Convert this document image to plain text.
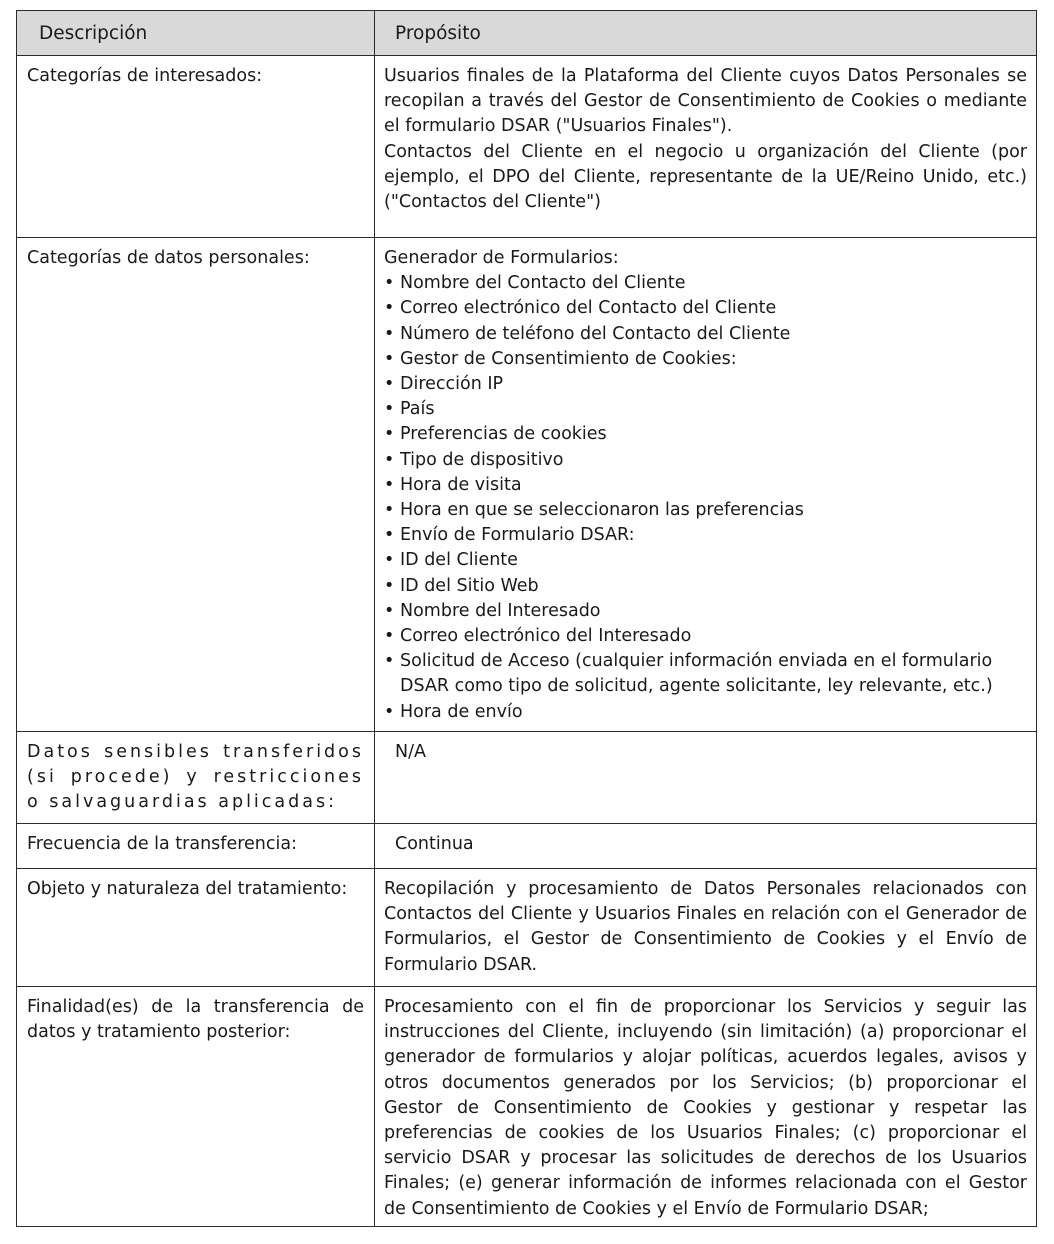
Descripción	Propósito
Categorías de interesados:	Usuarios finales de la Plataforma del Cliente cuyos Datos Personales se recopilan a través del Gestor de Consentimiento de Cookies o mediante el formulario DSAR ("Usuarios Finales").

Contactos del Cliente en el negocio u organización del Cliente (por ejemplo, el DPO del Cliente, representante de la UE/Reino Unido, etc.) ("Contactos del Cliente")

Categorías de datos personales:	Generador de Formularios:

• Nombre del Contacto del Cliente
• Correo electrónico del Contacto del Cliente
• Número de teléfono del Contacto del Cliente
• Gestor de Consentimiento de Cookies:
• Dirección IP
• País
• Preferencias de cookies
• Tipo de dispositivo
• Hora de visita
• Hora en que se seleccionaron las preferencias
• Envío de Formulario DSAR:
• ID del Cliente
• ID del Sitio Web
• Nombre del Interesado
• Correo electrónico del Interesado
• Solicitud de Acceso (cualquier información enviada en el formulario DSAR como tipo de solicitud, agente solicitante, ley relevante, etc.)
• Hora de envío
Datos sensibles transferidos (si procede) y restricciones o salvaguardias aplicadas:
N/A
Frecuencia de la transferencia:	Continua
Objeto y naturaleza del tratamiento:	Recopilación y procesamiento de Datos Personales relacionados con Contactos del Cliente y Usuarios Finales en relación con el Generador de Formularios, el Gestor de Consentimiento de Cookies y el Envío de Formulario DSAR.
Finalidad(es) de la transferencia de datos y tratamiento posterior:
Procesamiento con el fin de proporcionar los Servicios y seguir las instrucciones del Cliente, incluyendo (sin limitación) (a) proporcionar el generador de formularios y alojar políticas, acuerdos legales, avisos y otros documentos generados por los Servicios; (b) proporcionar el Gestor de Consentimiento de Cookies y gestionar y respetar las preferencias de cookies de los Usuarios Finales; (c) proporcionar el servicio DSAR y procesar las solicitudes de derechos de los Usuarios Finales; (e) generar información de informes relacionada con el Gestor de Consentimiento de Cookies y el Envío de Formulario DSAR;
